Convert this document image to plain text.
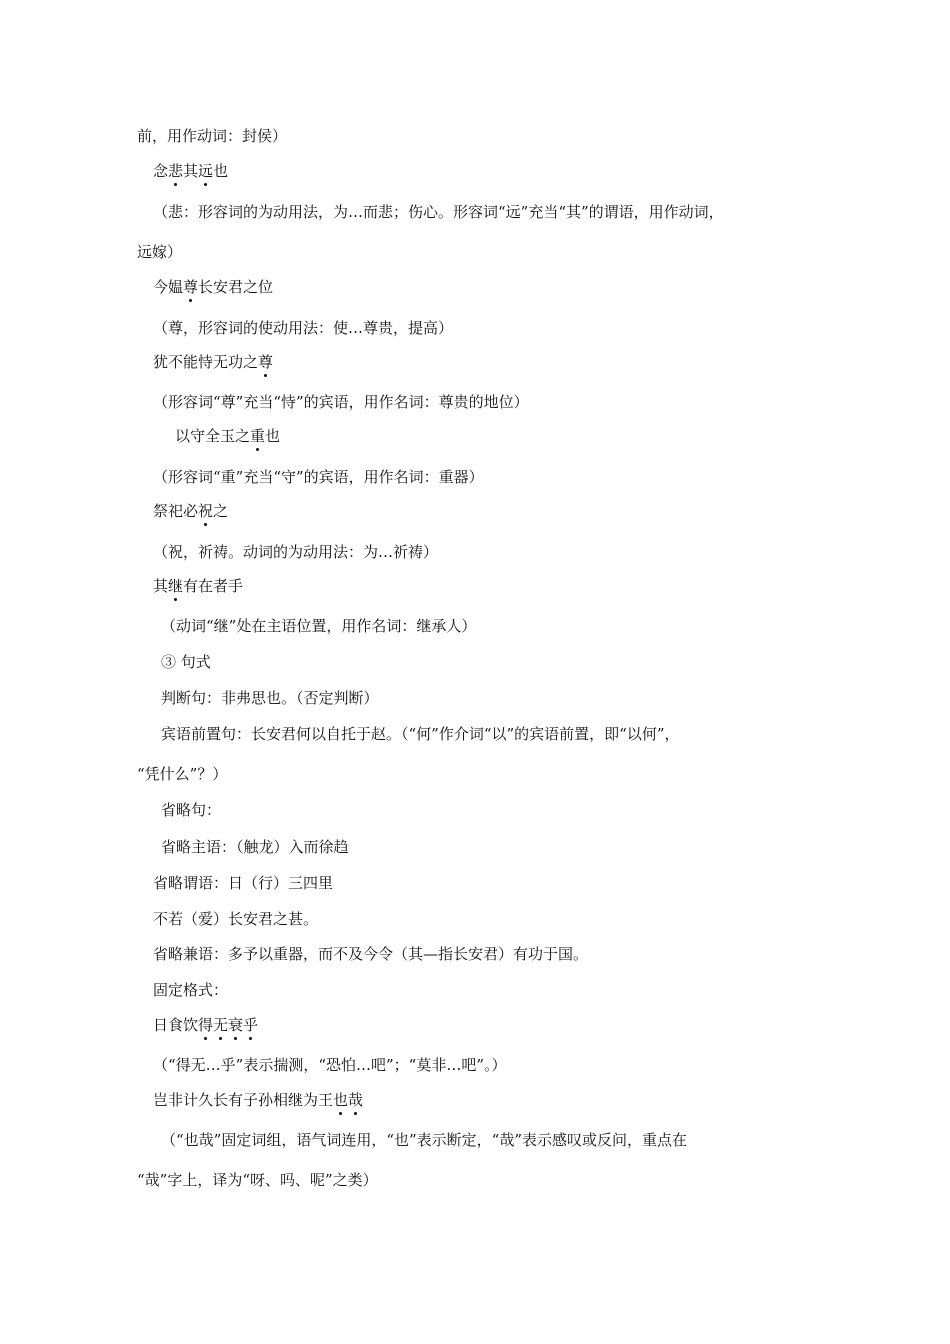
前，用作动词：封侯）
念悲其远也
（悲：形容词的为动用法，为…而悲；伤心。形容词“远”充当“其”的谓语，用作动词，
远嫁）
今媪尊长安君之位
（尊，形容词的使动用法：使…尊贵，提高）
犹不能恃无功之尊
（形容词“尊”充当“恃”的宾语，用作名词：尊贵的地位）
以守全玉之重也
（形容词“重”充当“守”的宾语，用作名词：重器）
祭祀必祝之
（祝，祈祷。动词的为动用法：为…祈祷）
其继有在者手
（动词“继”处在主语位置，用作名词：继承人）
③ 句式
判断句：非弗思也。（否定判断）
宾语前置句：长安君何以自托于赵。（“何”作介词“以”的宾语前置，即“以何”，
“凭什么”？）
省略句：
省略主语：（触龙）入而徐趋
省略谓语：日（行）三四里
不若（爱）长安君之甚。
省略兼语：多予以重器，而不及今令（其—指长安君）有功于国。
固定格式：
日食饮得无衰乎
（“得无…乎”表示揣测，“恐怕…吧”；“莫非…吧”。）
岂非计久长有子孙相继为王也哉
（“也哉”固定词组，语气词连用，“也”表示断定，“哉”表示感叹或反问，重点在
“哉”字上，译为“呀、吗、呢”之类）
